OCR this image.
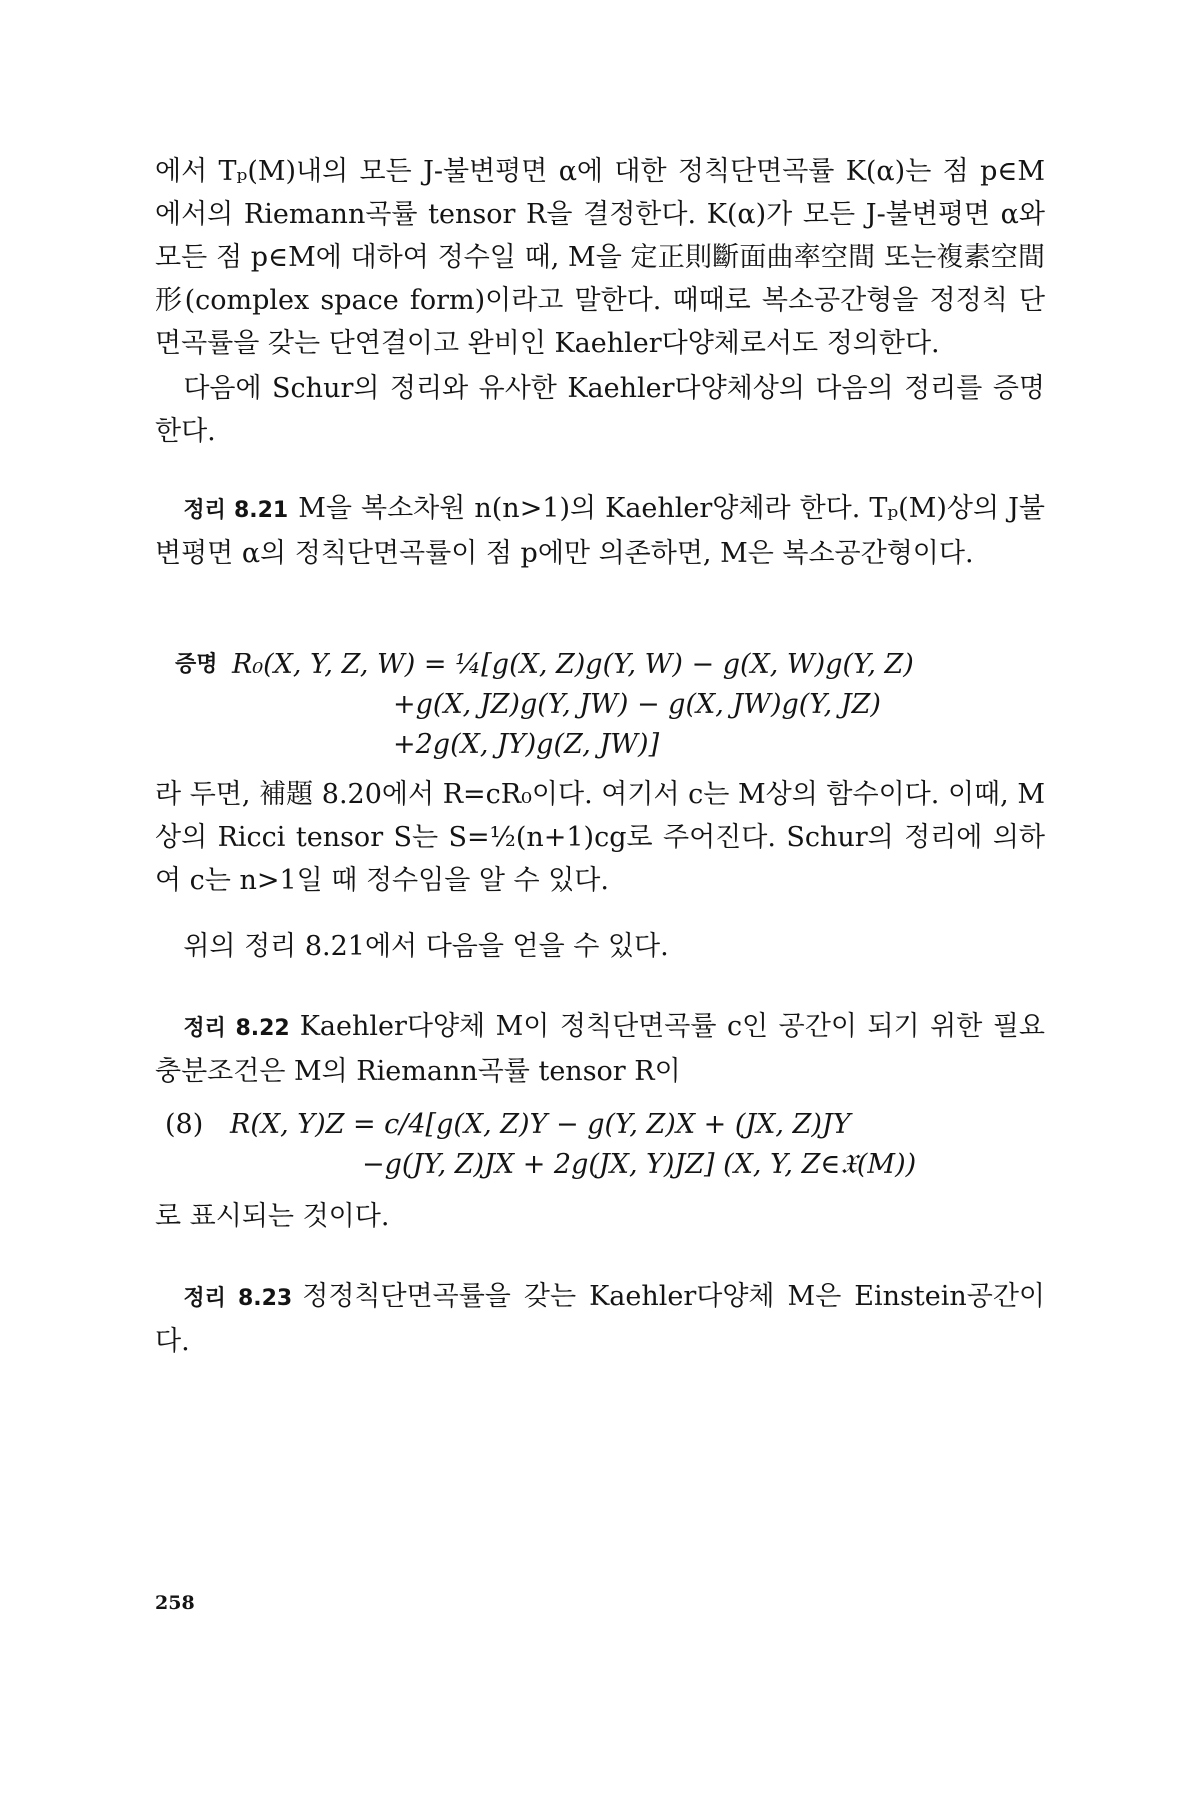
에서 Tₚ(M)내의 모든 J-불변평면 α에 대한 정칙단면곡률 K(α)는 점 p∈M에서의 Riemann곡률 tensor R을 결정한다. K(α)가 모든 J-불변평면 α와 모든 점 p∈M에 대하여 정수일 때, M을 定正則斷面曲率空間 또는複素空間形(complex space form)이라고 말한다. 때때로 복소공간형을 정정칙 단면곡률을 갖는 단연결이고 완비인 Kaehler다양체로서도 정의한다.

다음에 Schur의 정리와 유사한 Kaehler다양체상의 다음의 정리를 증명한다.

정리 8.21 M을 복소차원 n(n>1)의 Kaehler양체라 한다. Tₚ(M)상의 J불변평면 α의 정칙단면곡률이 점 p에만 의존하면, M은 복소공간형이다.

증명 R₀(X, Y, Z, W) = ¼[g(X, Z)g(Y, W) − g(X, W)g(Y, Z)

+g(X, JZ)g(Y, JW) − g(X, JW)g(Y, JZ)

+2g(X, JY)g(Z, JW)]

라 두면, 補題 8.20에서 R=cR₀이다. 여기서 c는 M상의 함수이다. 이때, M상의 Ricci tensor S는 S=½(n+1)cg로 주어진다. Schur의 정리에 의하여 c는 n>1일 때 정수임을 알 수 있다.

위의 정리 8.21에서 다음을 얻을 수 있다.

정리 8.22 Kaehler다양체 M이 정칙단면곡률 c인 공간이 되기 위한 필요충분조건은 M의 Riemann곡률 tensor R이

(8) R(X, Y)Z = c/4[g(X, Z)Y − g(Y, Z)X + (JX, Z)JY

−g(JY, Z)JX + 2g(JX, Y)JZ] (X, Y, Z∈𝔛(M))

로 표시되는 것이다.

정리 8.23 정정칙단면곡률을 갖는 Kaehler다양체 M은 Einstein공간이다.

258
